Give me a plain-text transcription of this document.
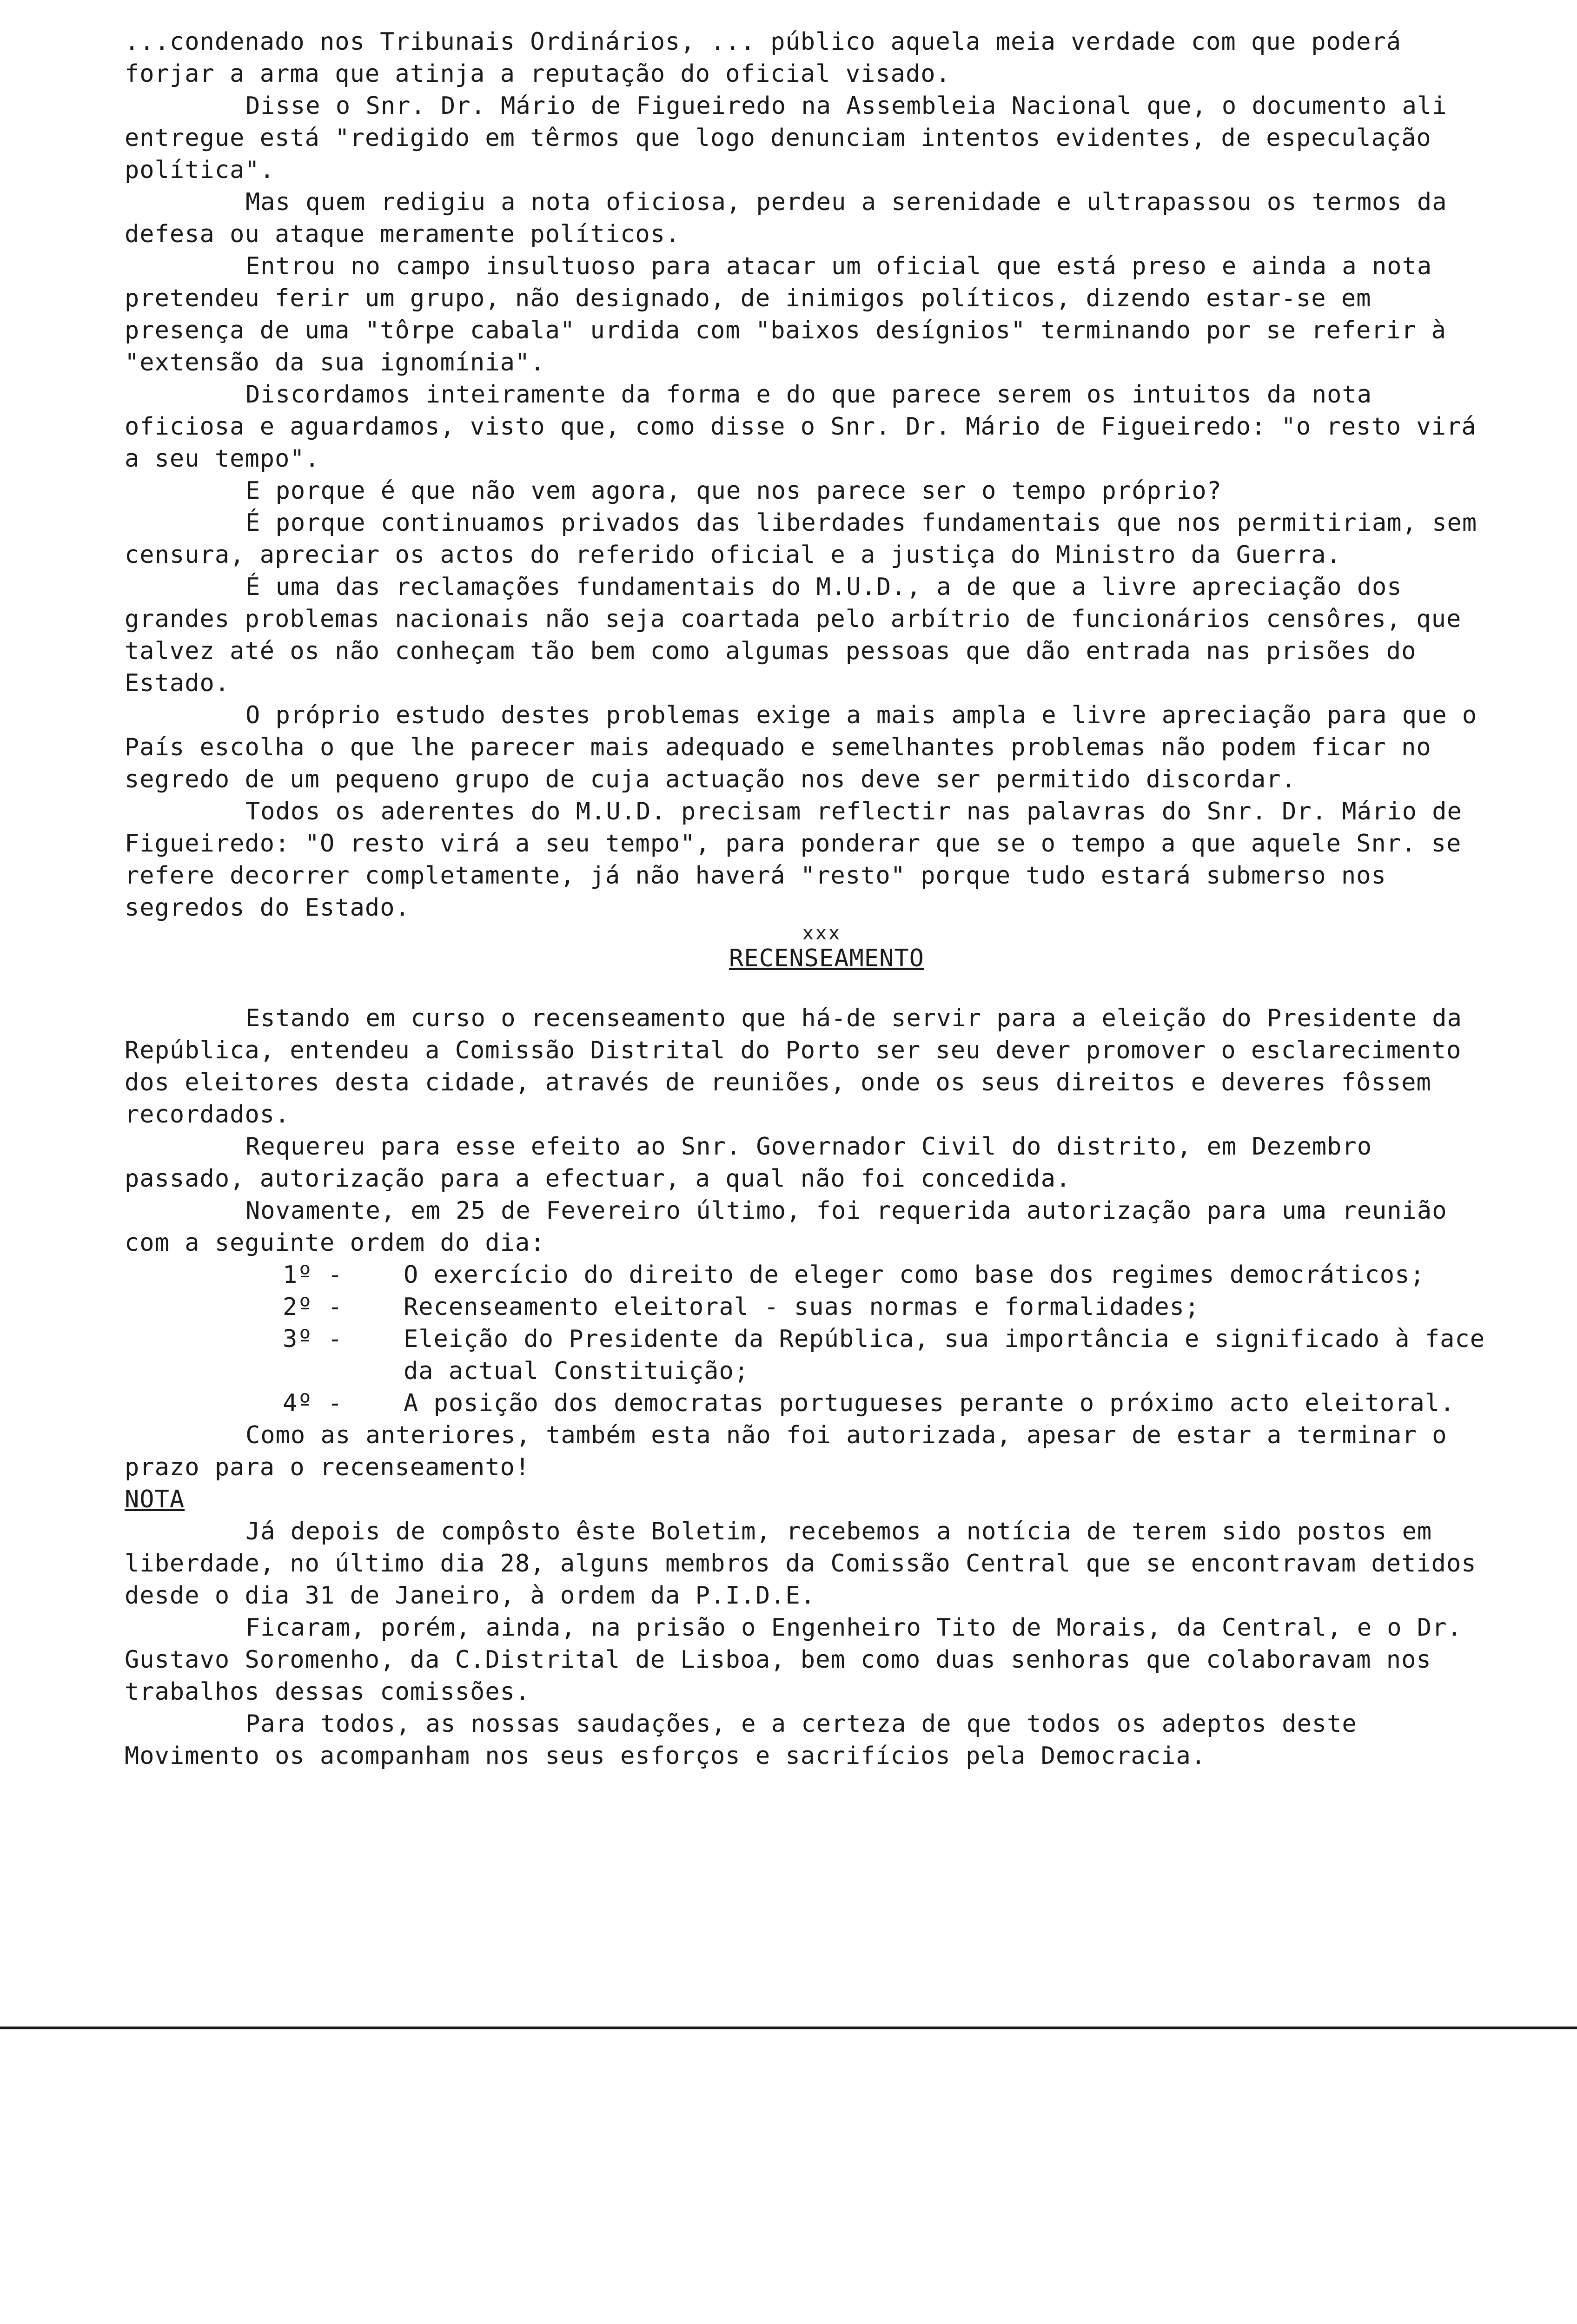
...condenado nos Tribunais Ordinários, ... público aquela meia verdade com que poderá forjar a arma que atinja a reputação do oficial visado.

Disse o Snr. Dr. Mário de Figueiredo na Assembleia Nacional que, o documento ali entregue está "redigido em têrmos que logo denunciam intentos evidentes, de especulação política".

Mas quem redigiu a nota oficiosa, perdeu a serenidade e ultrapassou os termos da defesa ou ataque meramente políticos.

Entrou no campo insultuoso para atacar um oficial que está preso e ainda a nota pretendeu ferir um grupo, não designado, de inimigos políticos, dizendo estar-se em presença de uma "tôrpe cabala" urdida com "baixos desígnios" terminando por se referir à "extensão da sua ignomínia".

Discordamos inteiramente da forma e do que parece serem os intuitos da nota oficiosa e aguardamos, visto que, como disse o Snr. Dr. Mário de Figueiredo: "o resto virá a seu tempo".

E porque é que não vem agora, que nos parece ser o tempo próprio?

É porque continuamos privados das liberdades fundamentais que nos permitiriam, sem censura, apreciar os actos do referido oficial e a justiça do Ministro da Guerra.

É uma das reclamações fundamentais do M.U.D., a de que a livre apreciação dos grandes problemas nacionais não seja coartada pelo arbítrio de funcionários censôres, que talvez até os não conheçam tão bem como algumas pessoas que dão entrada nas prisões do Estado.

O próprio estudo destes problemas exige a mais ampla e livre apreciação para que o País escolha o que lhe parecer mais adequado e semelhantes problemas não podem ficar no segredo de um pequeno grupo de cuja actuação nos deve ser permitido discordar.

Todos os aderentes do M.U.D. precisam reflectir nas palavras do Snr. Dr. Mário de Figueiredo: "O resto virá a seu tempo", para ponderar que se o tempo a que aquele Snr. se refere decorrer completamente, já não haverá "resto" porque tudo estará submerso nos segredos do Estado.

xxx

RECENSEAMENTO

Estando em curso o recenseamento que há-de servir para a eleição do Presidente da República, entendeu a Comissão Distrital do Porto ser seu dever promover o esclarecimento dos eleitores desta cidade, através de reuniões, onde os seus direitos e deveres fôssem recordados.

Requereu para esse efeito ao Snr. Governador Civil do distrito, em Dezembro passado, autorização para a efectuar, a qual não foi concedida.

Novamente, em 25 de Fevereiro último, foi requerida autorização para uma reunião com a seguinte ordem do dia:

1º -	O exercício do direito de eleger como base dos regimes democráticos;
2º -	Recenseamento eleitoral - suas normas e formalidades;
3º -	Eleição do Presidente da República, sua importância e significado à face da actual Constituição;
4º -	A posição dos democratas portugueses perante o próximo acto eleitoral.

Como as anteriores, também esta não foi autorizada, apesar de estar a terminar o prazo para o recenseamento!

NOTA

Já depois de compôsto êste Boletim, recebemos a notícia de terem sido postos em liberdade, no último dia 28, alguns membros da Comissão Central que se encontravam detidos desde o dia 31 de Janeiro, à ordem da P.I.D.E.

Ficaram, porém, ainda, na prisão o Engenheiro Tito de Morais, da Central, e o Dr. Gustavo Soromenho, da C.Distrital de Lisboa, bem como duas senhoras que colaboravam nos trabalhos dessas comissões.

Para todos, as nossas saudações, e a certeza de que todos os adeptos deste Movimento os acompanham nos seus esforços e sacrifícios pela Democracia.
